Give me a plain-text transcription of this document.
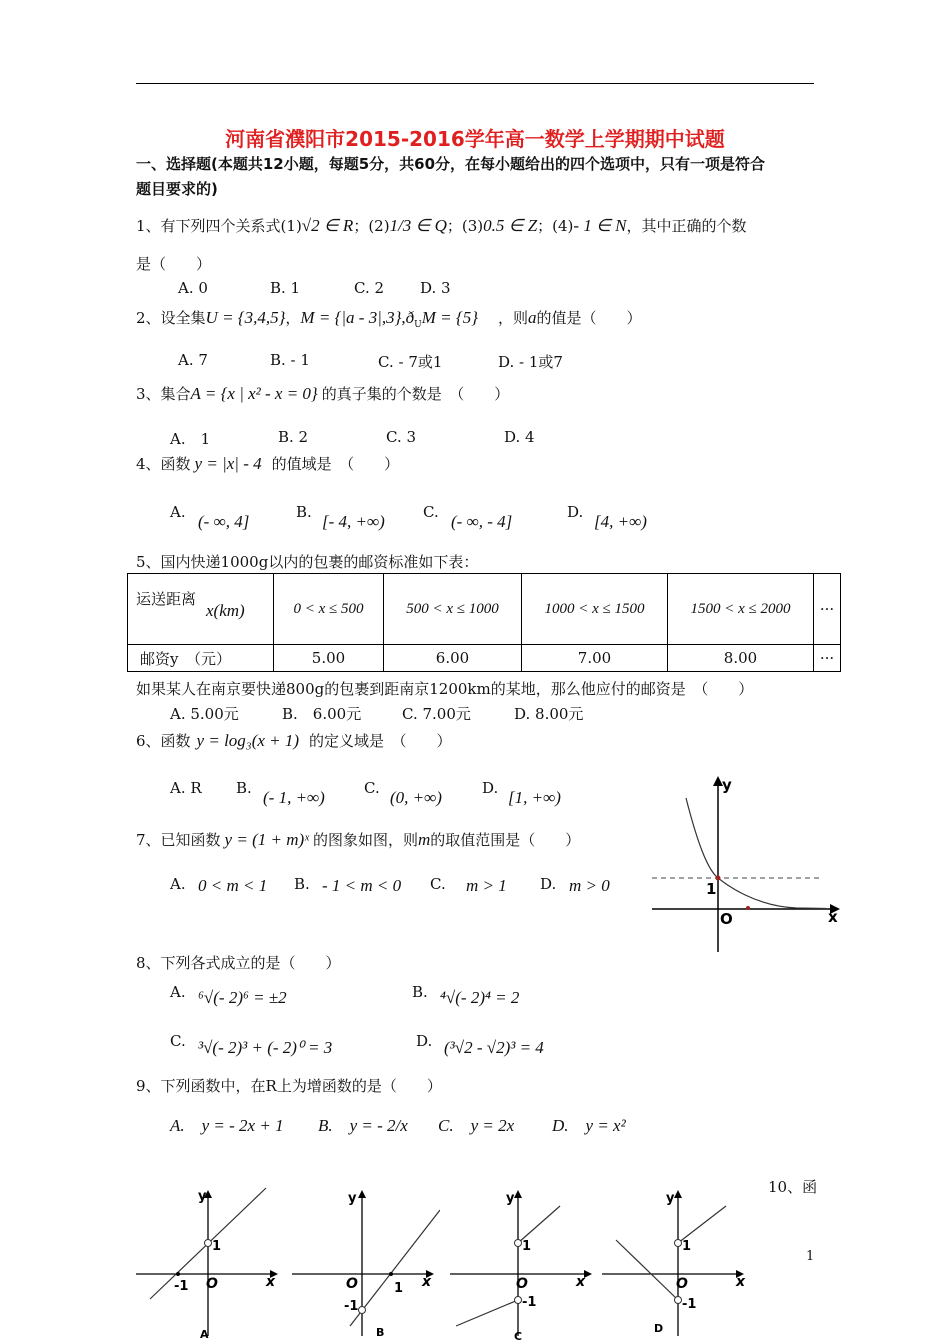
河南省濮阳市2015-2016学年高一数学上学期期中试题
一、选择题(本题共12小题，每题5分，共60分，在每小题给出的四个选项中，只有一项是符合
题目要求的)
1、有下列四个关系式(1)√2 ∈ R；(2)1/3 ∈ Q；(3)0.5 ∈ Z；(4)- 1 ∈ N，其中正确的个数
是（　　）
A. 0	B. 1	C. 2 D. 3
2、设全集U = {3,4,5}，$M = \{|a - 3|,3\},ð_UM = \{5\}$ ，则a的值是（　　）
A. 7	B. - 1	C. - 7或1	D. - 1或7
3、集合A = {x | x² - x = 0} 的真子集的个数是　（　　）
A.　1	B. 2	C. 3	D. 4
4、函数 y = |x| - 4 的值域是　（　　）
A. (- ∞, 4]	B. [- 4, +∞)	C. (- ∞, - 4]	D. [4, +∞)
5、国内快递1000g以内的包裹的邮资标准如下表：
运送距离
x(km)	0 < x ≤ 500	500 < x ≤ 1000	1000 < x ≤ 1500	1500 < x ≤ 2000	···
邮资y　（元）	5.00	6.00	7.00	8.00	···
如果某人在南京要快递800g的包裹到距南京1200km的某地，那么他应付的邮资是　（　　）
A. 5.00元	B.　6.00元	C. 7.00元	D. 8.00元
6、函数 y = log₃(x + 1) 的定义域是　（　　）
A. R B. (- 1, +∞)	C. (0, +∞)	D. [1, +∞)
7、已知函数 y = (1 + m)ˣ 的图象如图，则m的取值范围是（　　）
A. 0 < m < 1 B. - 1 < m < 0 C. m > 1 D. m > 0
y
x
O
1
8、下列各式成立的是（　　）
A. ⁶√(- 2)⁶ = ±2	B. ⁴√(- 2)⁴ = 2
C. ³√(- 2)³ + (- 2)⁰ = 3	D. (³√2 - √2)³ = 4
9、下列函数中，在R上为增函数的是（　　）
A.　y = - 2x + 1 B.　y = - 2/x C.　y = 2x D.　y = x²
10、函
1
y
x
O
1
-1
A
y
x
O	1
-1
B
y
x
O
1
-1
C
y
x
O
1
-1
D
